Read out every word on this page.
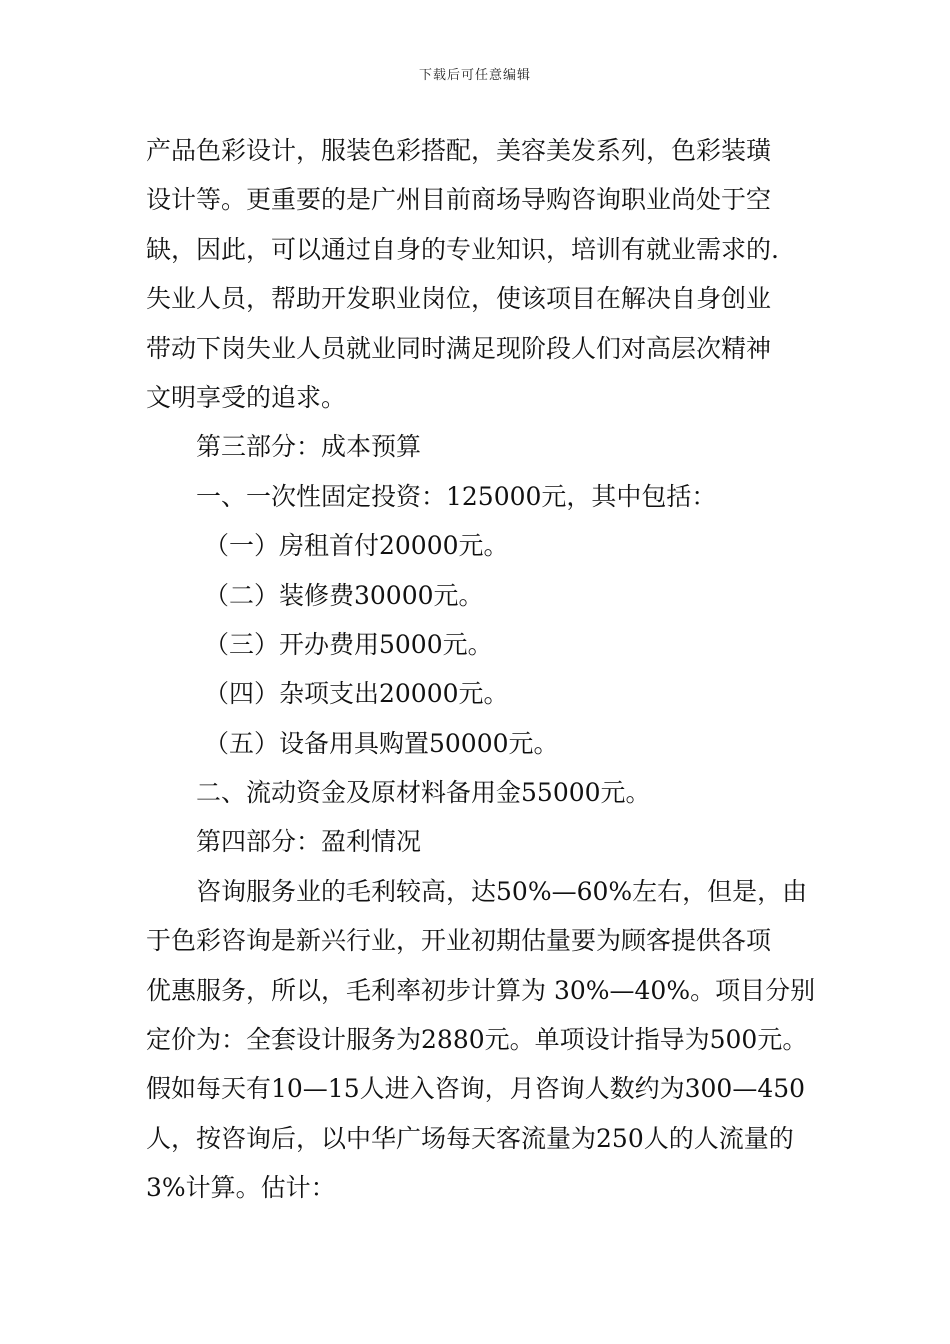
下载后可任意编辑
产品色彩设计，服装色彩搭配，美容美发系列，色彩装璜
设计等。更重要的是广州目前商场导购咨询职业尚处于空
缺，因此，可以通过自身的专业知识，培训有就业需求的.
失业人员，帮助开发职业岗位，使该项目在解决自身创业
带动下岗失业人员就业同时满足现阶段人们对高层次精神
文明享受的追求。
第三部分：成本预算
一、一次性固定投资：125000元，其中包括：
（一）房租首付20000元。
（二）装修费30000元。
（三）开办费用5000元。
（四）杂项支出20000元。
（五）设备用具购置50000元。
二、流动资金及原材料备用金55000元。
第四部分：盈利情况
咨询服务业的毛利较高，达50%—60%左右，但是，由
于色彩咨询是新兴行业，开业初期估量要为顾客提供各项
优惠服务，所以，毛利率初步计算为 30%—40%。项目分别
定价为：全套设计服务为2880元。单项设计指导为500元。
假如每天有10—15人进入咨询，月咨询人数约为300—450
人，按咨询后，以中华广场每天客流量为250人的人流量的
3%计算。估计：
